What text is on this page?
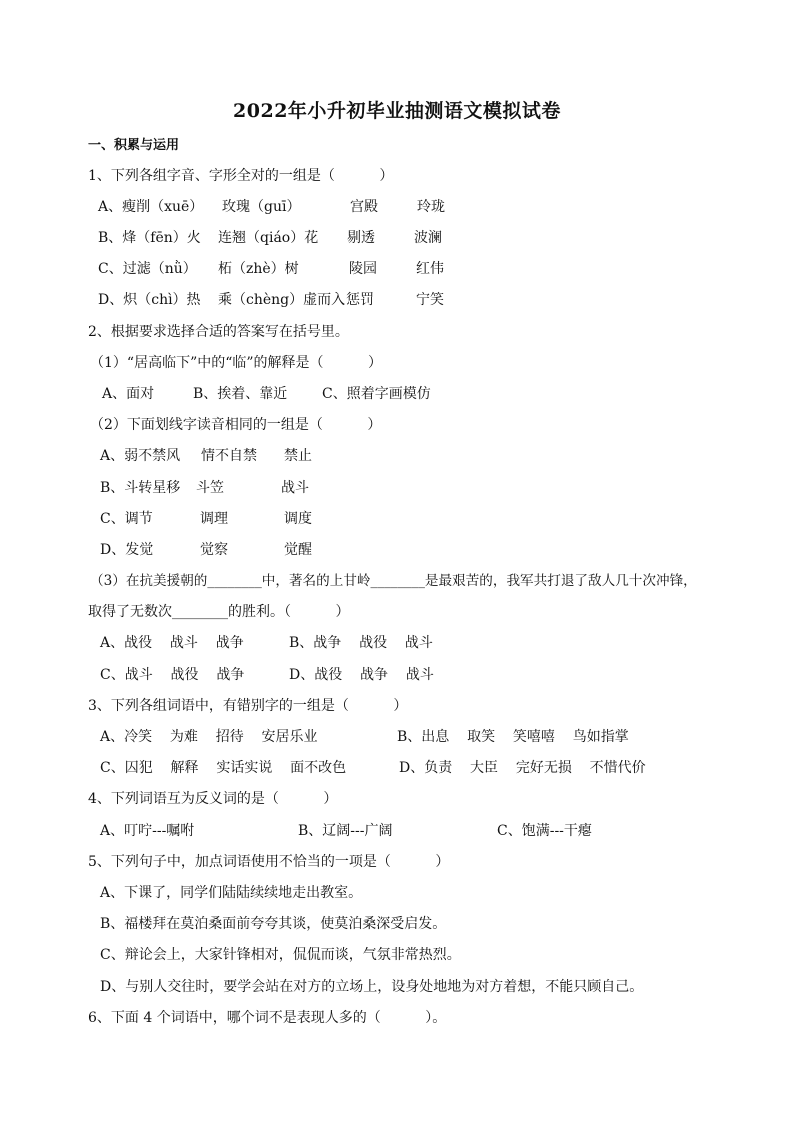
2022年小升初毕业抽测语文模拟试卷
一、积累与运用
1、下列各组字音、字形全对的一组是（          ）
A、瘦削（xuē） 玫瑰（guī）	宫殿	玲珑
B、烽（fēn）火 连翘（qiáo）花 剔透	波澜
C、过滤（nǜ） 柘（zhè）树	陵园	红伟
D、炽（chì）热 乘（chèng）虚而入 惩罚	宁笑
2、根据要求选择合适的答案写在括号里。
（1）“居高临下”中的“临”的解释是（          ）
A、面对	B、挨着、靠近 C、照着字画模仿
（2）下面划线字读音相同的一组是（          ）
A、弱不禁风 情不自禁 禁止
B、斗转星移 斗笠	战斗
C、调节	调理	调度
D、发觉	觉察	觉醒
（3）在抗美援朝的________中，著名的上甘岭________是最艰苦的，我军共打退了敌人几十次冲锋，
取得了无数次________的胜利。（          ）
A、战役    战斗    战争	B、战争    战役    战斗
C、战斗    战役    战争	D、战役    战争    战斗
3、下列各组词语中，有错别字的一组是（          ）
A、冷笑    为难    招待    安居乐业	B、出息    取笑    笑嘻嘻    鸟如指掌
C、囚犯    解释    实话实说    面不改色	D、负责    大臣    完好无损    不惜代价
4、下列词语互为反义词的是（          ）
A、叮咛---嘱咐	B、辽阔---广阔	C、饱满---干瘪
5、下列句子中，加点词语使用不恰当的一项是（          ）
A、下课了，同学们陆陆续续地走出教室。
B、福楼拜在莫泊桑面前夸夸其谈，使莫泊桑深受启发。
C、辩论会上，大家针锋相对，侃侃而谈，气氛非常热烈。
D、与别人交往时，要学会站在对方的立场上，设身处地地为对方着想，不能只顾自己。
6、下面 4 个词语中，哪个词不是表现人多的（          ）。
